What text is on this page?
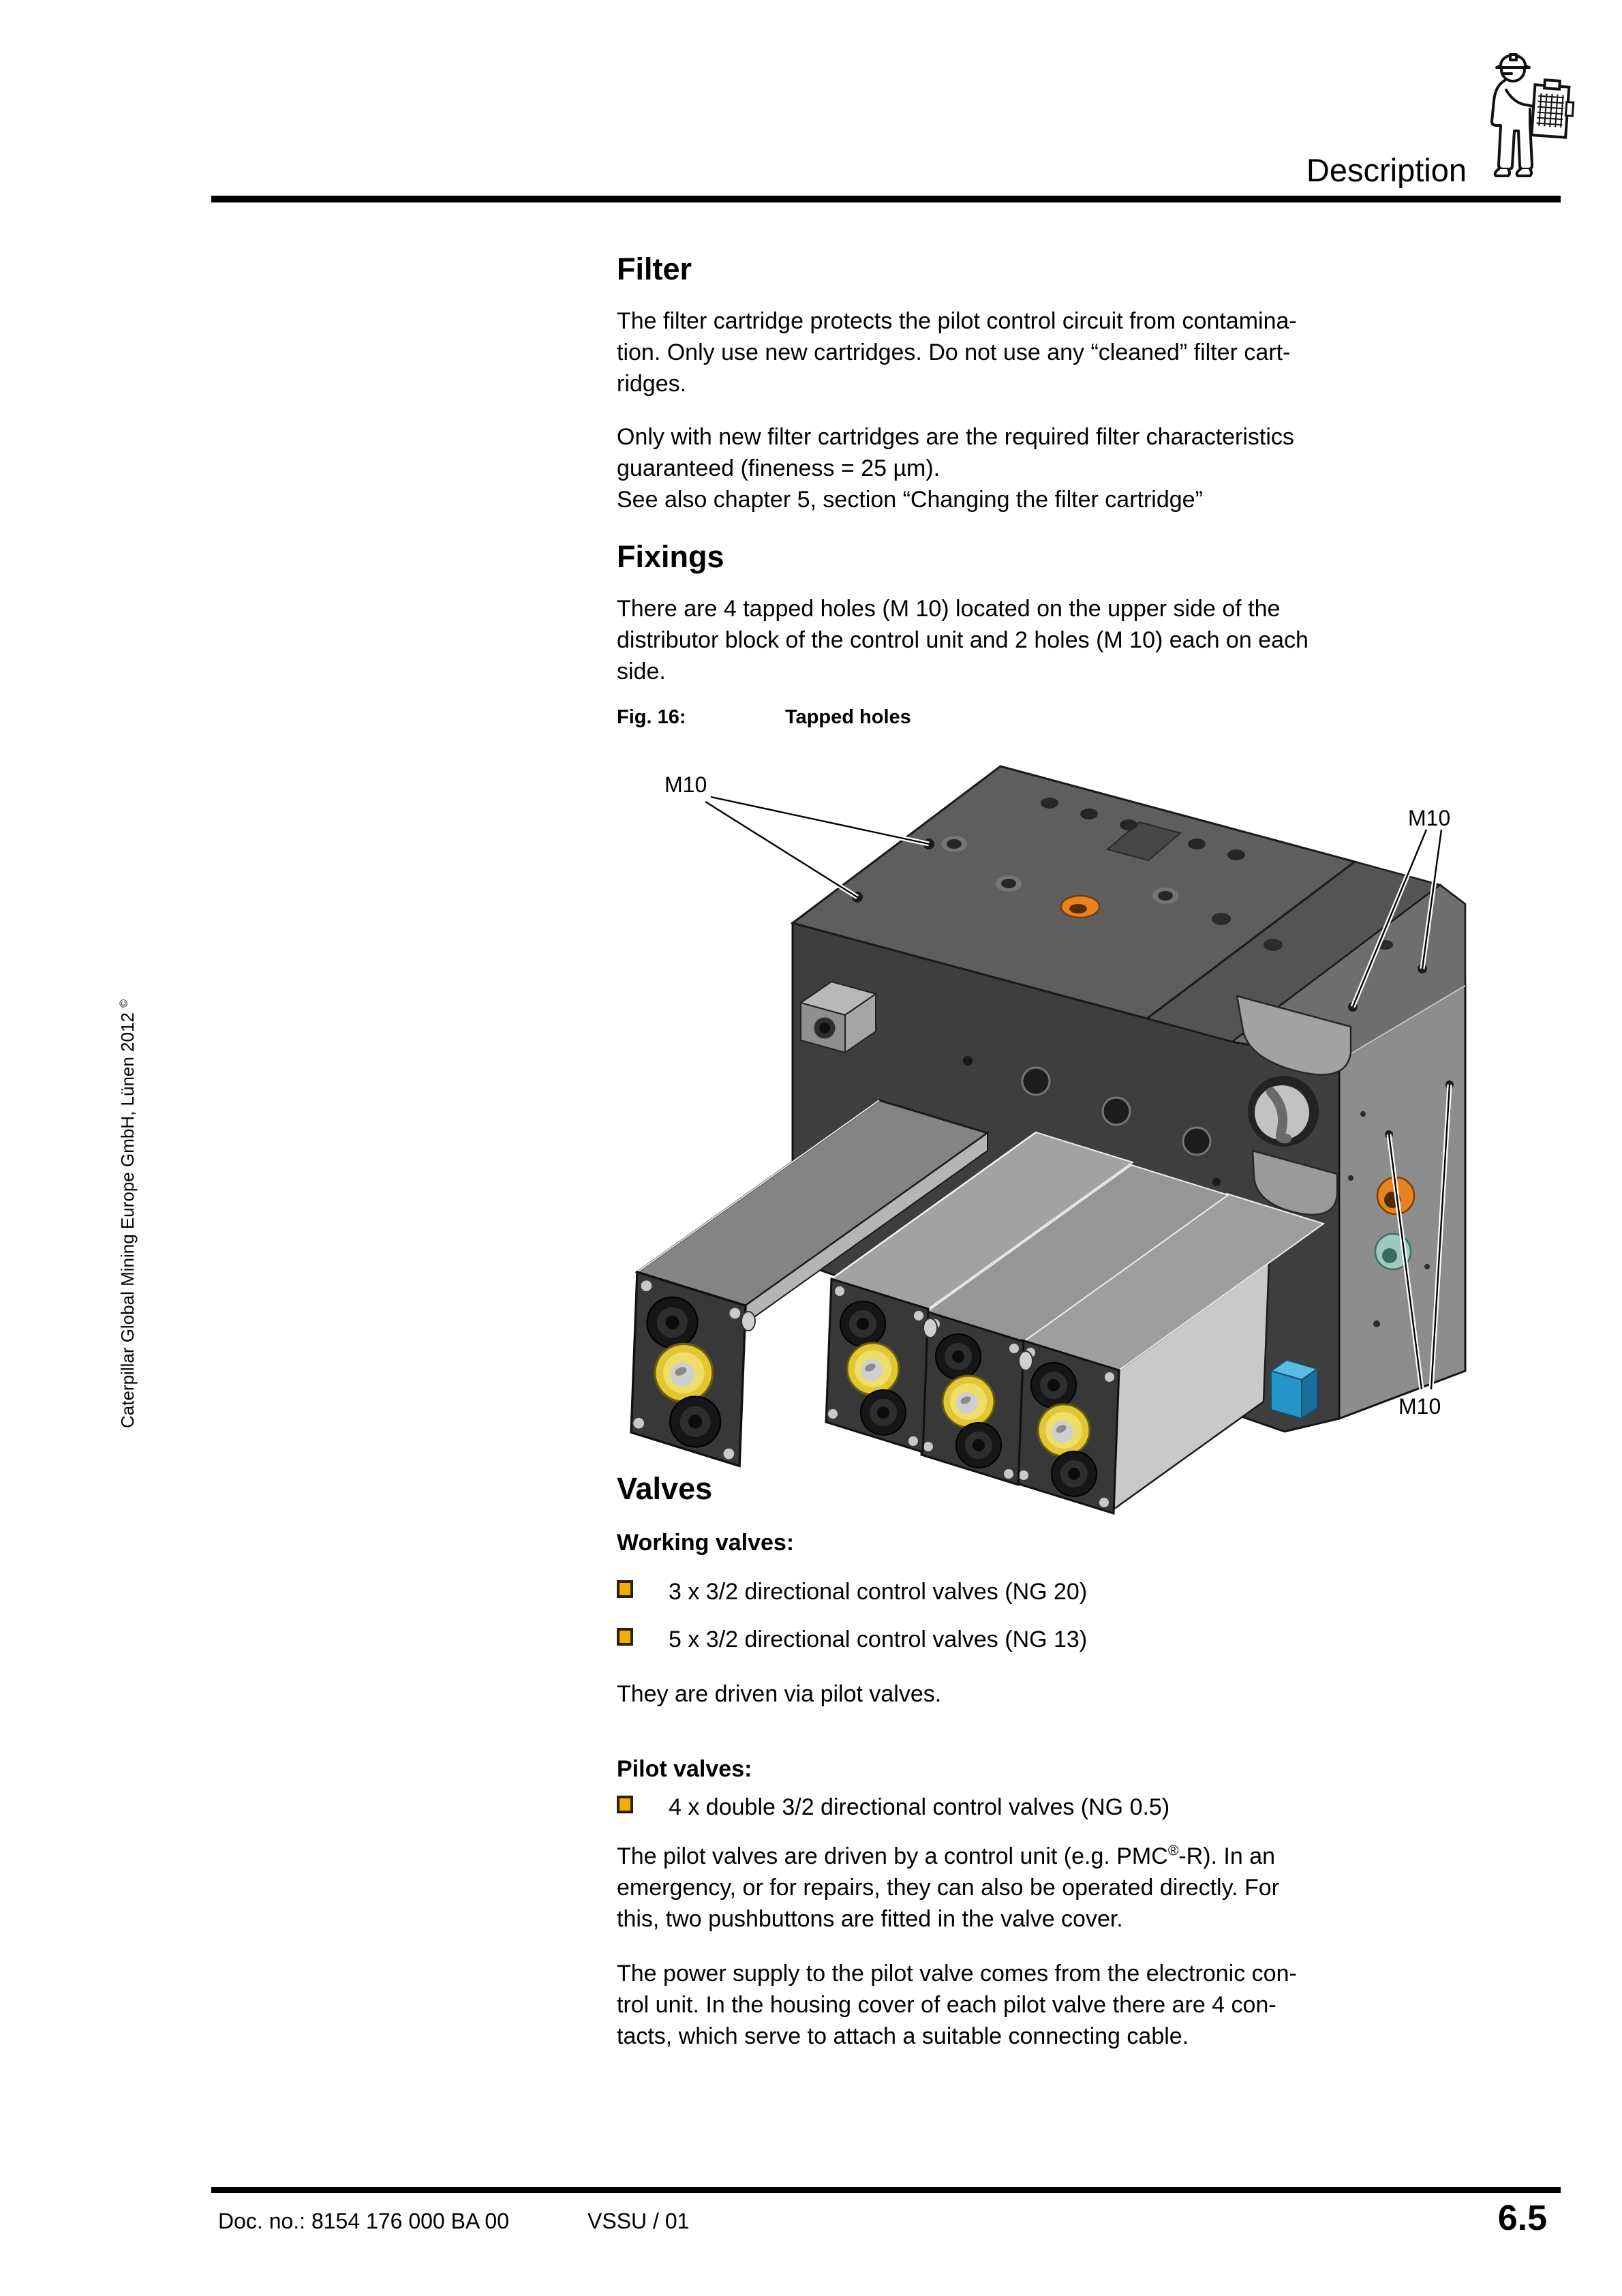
Caterpillar Global Mining Europe GmbH, Lünen 2012 ©
Description
Filter
The filter cartridge protects the pilot control circuit from contamina-
tion. Only use new cartridges. Do not use any “cleaned” filter cart-
ridges.
Only with new filter cartridges are the required filter characteristics
guaranteed (fineness = 25 µm).
See also chapter 5, section “Changing the filter cartridge”
Fixings
There are 4 tapped holes (M 10) located on the upper side of the
distributor block of the control unit and 2 holes (M 10) each on each
side.
Fig. 16:	Tapped holes
M10
M10
M10
Valves
Working valves:
3 x 3/2 directional control valves (NG 20)
5 x 3/2 directional control valves (NG 13)
They are driven via pilot valves.
Pilot valves:
4 x double 3/2 directional control valves (NG 0.5)
The pilot valves are driven by a control unit (e.g. PMC®-R). In an
emergency, or for repairs, they can also be operated directly. For
this, two pushbuttons are fitted in the valve cover.
The power supply to the pilot valve comes from the electronic con-
trol unit. In the housing cover of each pilot valve there are 4 con-
tacts, which serve to attach a suitable connecting cable.
Doc. no.: 8154 176 000 BA 00	VSSU / 01	6.5
